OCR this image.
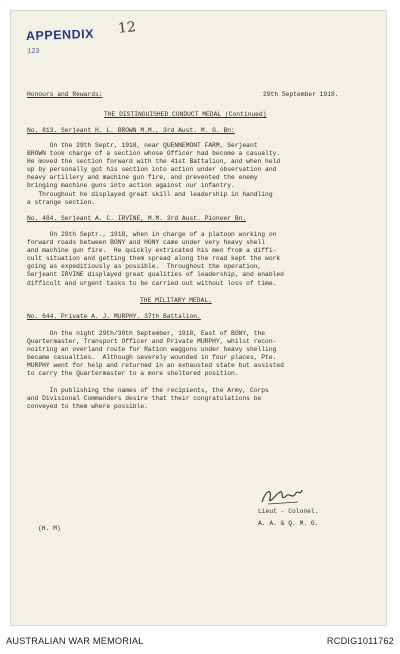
APPENDIX 12
123
Honours and Rewards:	29th September 1918.
THE DISTINGUISHED CONDUCT MEDAL (Continued)
No. 813. Serjeant H. L. BROWN M.M., 3rd Aust. M. G. Bn:
On the 29th Septr, 1918, near QUENNEMONT FARM, Serjeant
BROWN took charge of a section whose Officer had become a casualty.
He moved the section forward with the 41st Battalion, and when held
up by personally got his section into action under observation and
heavy artillery and machine gun fire, and prevented the enemy
bringing machine guns into action against our infantry.
Throughout he displayed great skill and leadership in handling
a strange section.
No. 484. Serjeant A. C. IRVINE, M.M. 3rd Aust. Pioneer Bn.
On 29th Septr., 1918, when in charge of a platoon working on
forward roads between BONY and HONY came under very heavy shell
and machine gun fire.  He quickly extricated his men from a diffi-
cult situation and getting them spread along the road kept the work
going as expeditiously as possible.  Throughout the operation,
Serjeant IRVINE displayed great qualities of leadership, and enabled
difficult and urgent tasks to be carried out without loss of time.
THE MILITARY MEDAL.
No. 644. Private A. J. MURPHY. 37th Battalion.
On the night 29th/30th September, 1918, East of BONY, the
Quartermaster, Transport Officer and Private MURPHY, whilst recon-
noitring an overland route for Ration waggons under heavy shelling
became casualties.  Although severely wounded in four places, Pte.
MURPHY went for help and returned in an exhausted state but assisted
to carry the Quartermaster to a more sheltered position.
In publishing the names of the recipients, the Army, Corps
and Divisional Commanders desire that their congratulations be
conveyed to them where possible.
Lieut - Colonel.
A. A. & Q. M. G.
(H. M)
AUSTRALIAN WAR MEMORIAL	RCDIG1011762
